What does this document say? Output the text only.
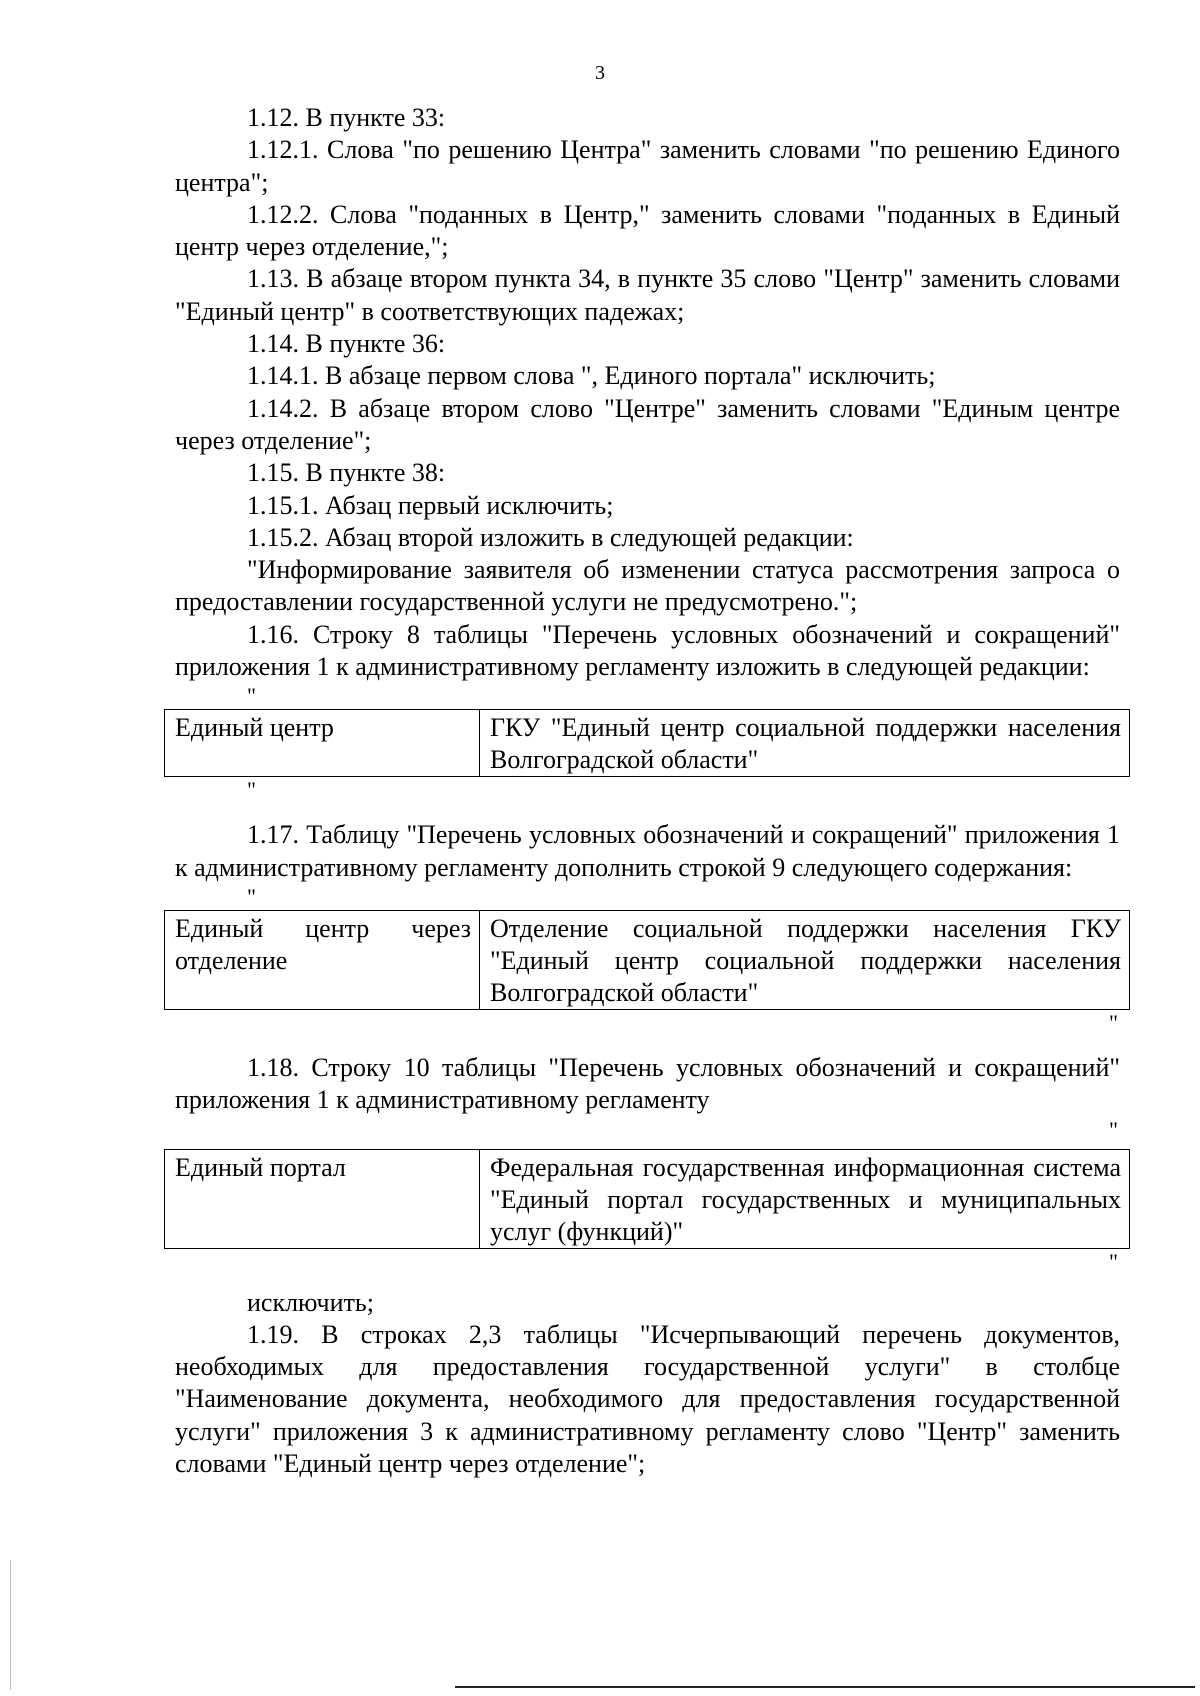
3

1.12. В пункте 33:

1.12.1. Слова "по решению Центра" заменить словами "по решению Единого центра";

1.12.2. Слова "поданных в Центр," заменить словами "поданных в Единый центр через отделение,";

1.13. В абзаце втором пункта 34, в пункте 35 слово "Центр" заменить словами "Единый центр" в соответствующих падежах;

1.14. В пункте 36:

1.14.1. В абзаце первом слова ", Единого портала" исключить;

1.14.2. В абзаце втором слово "Центре" заменить словами "Единым центре через отделение";

1.15. В пункте 38:

1.15.1. Абзац первый исключить;

1.15.2. Абзац второй изложить в следующей редакции:

"Информирование заявителя об изменении статуса рассмотрения запроса о предоставлении государственной услуги не предусмотрено.";

1.16. Строку 8 таблицы "Перечень условных обозначений и сокращений" приложения 1 к административному регламенту изложить в следующей редакции:

"

Единый центр	ГКУ "Единый центр социальной поддержки населения Волгоградской области"

"

1.17. Таблицу "Перечень условных обозначений и сокращений" приложения 1 к административному регламенту дополнить строкой 9 следующего содержания:

"

Единый центр через отделение	Отделение социальной поддержки населения ГКУ "Единый центр социальной поддержки населения Волгоградской области"

"

1.18. Строку 10 таблицы "Перечень условных обозначений и сокращений" приложения 1 к административному регламенту

"

Единый портал	Федеральная государственная информационная система "Единый портал государственных и муниципальных услуг (функций)"

"

исключить;

1.19. В строках 2,3 таблицы "Исчерпывающий перечень документов, необходимых для предоставления государственной услуги" в столбце "Наименование документа, необходимого для предоставления государственной услуги" приложения 3 к административному регламенту слово "Центр" заменить словами "Единый центр через отделение";
